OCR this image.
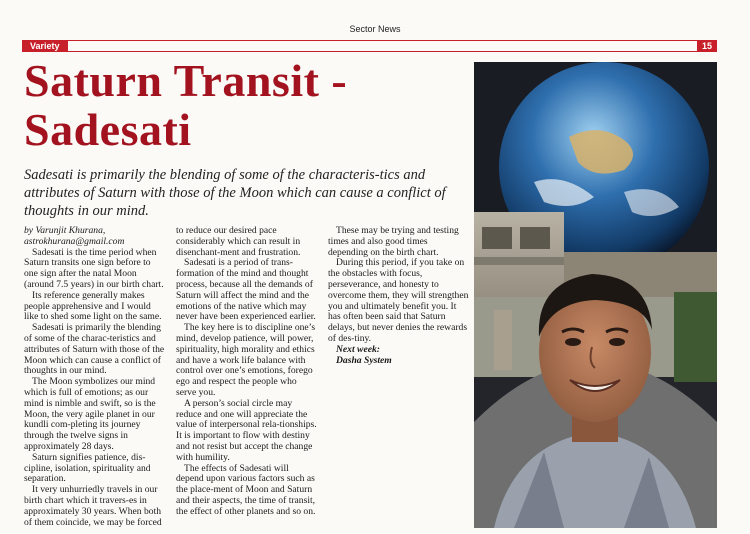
Sector News
Variety	15
Saturn Transit -
Sadesati

Sadesati is primarily the blending of some of the characteris-tics and attributes of Saturn with those of the Moon which can cause a conflict of thoughts in our mind.

by Varunjit Khurana,
astrokhurana@gmail.com

Sadesati is the time period when Saturn transits one sign before to one sign after the natal Moon (around 7.5 years) in our birth chart.

Its reference generally makes people apprehensive and I would like to shed some light on the same.

Sadesati is primarily the blending of some of the charac-teristics and attributes of Saturn with those of the Moon which can cause a conflict of thoughts in our mind.

The Moon symbolizes our mind which is full of emotions; as our mind is nimble and swift, so is the Moon, the very agile planet in our kundli com-pleting its journey through the twelve signs in approximately 28 days.

Saturn signifies patience, dis-cipline, isolation, spirituality and separation.

It very unhurriedly travels in our birth chart which it travers-es in approximately 30 years. When both of them coincide, we may be forced to reduce our desired pace considerably which can result in disenchant-ment and frustration.

Sadesati is a period of trans-formation of the mind and thought process, because all the demands of Saturn will affect the mind and the emotions of the native which may never have been experienced earlier.

The key here is to discipline one’s mind, develop patience, will power, spirituality, high morality and ethics and have a work life balance with control over one’s emotions, forego ego and respect the people who serve you.

A person’s social circle may reduce and one will appreciate the value of interpersonal rela-tionships. It is important to flow with destiny and not resist but accept the change with humility.

The effects of Sadesati will depend upon various factors such as the place-ment of Moon and Saturn and their aspects, the time of transit, the effect of other planets and so on.

These may be trying and testing times and also good times depending on the birth chart.

During this period, if you take on the obstacles with focus, perseverance, and honesty to overcome them, they will strengthen you and ultimately benefit you. It has often been said that Saturn delays, but never denies the rewards of des-tiny.

Next week:

Dasha System
